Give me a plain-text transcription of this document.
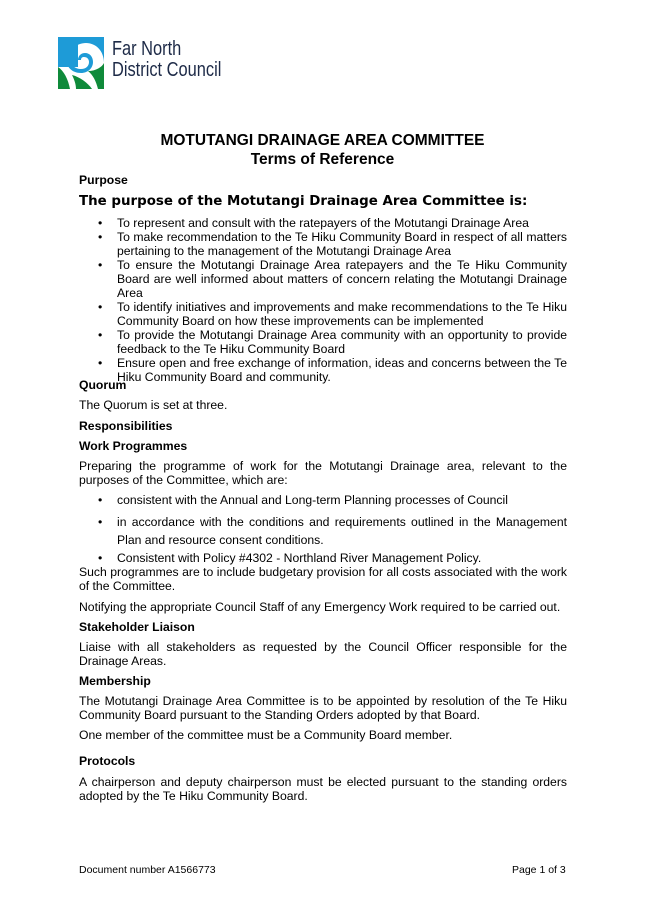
Far North
District Council
MOTUTANGI DRAINAGE AREA COMMITTEE
Terms of Reference
Purpose
The purpose of the Motutangi Drainage Area Committee is:
• To represent and consult with the ratepayers of the Motutangi Drainage Area
• To make recommendation to the Te Hiku Community Board in respect of all matters pertaining to the management of the Motutangi Drainage Area
• To ensure the Motutangi Drainage Area ratepayers and the Te Hiku Community Board are well informed about matters of concern relating the Motutangi Drainage Area
• To identify initiatives and improvements and make recommendations to the Te Hiku Community Board on how these improvements can be implemented
• To provide the Motutangi Drainage Area community with an opportunity to provide feedback to the Te Hiku Community Board
• Ensure open and free exchange of information, ideas and concerns between the Te Hiku Community Board and community.
Quorum
The Quorum is set at three.
Responsibilities
Work Programmes
Preparing the programme of work for the Motutangi Drainage area, relevant to the purposes of the Committee, which are:
• consistent with the Annual and Long-term Planning processes of Council
• in accordance with the conditions and requirements outlined in the Management Plan and resource consent conditions.
• Consistent with Policy #4302 - Northland River Management Policy.
Such programmes are to include budgetary provision for all costs associated with the work of the Committee.
Notifying the appropriate Council Staff of any Emergency Work required to be carried out.
Stakeholder Liaison
Liaise with all stakeholders as requested by the Council Officer responsible for the Drainage Areas.
Membership
The Motutangi Drainage Area Committee is to be appointed by resolution of the Te Hiku Community Board pursuant to the Standing Orders adopted by that Board.
One member of the committee must be a Community Board member.
Protocols
A chairperson and deputy chairperson must be elected pursuant to the standing orders adopted by the Te Hiku Community Board.
Document number A1566773	Page 1 of 3
